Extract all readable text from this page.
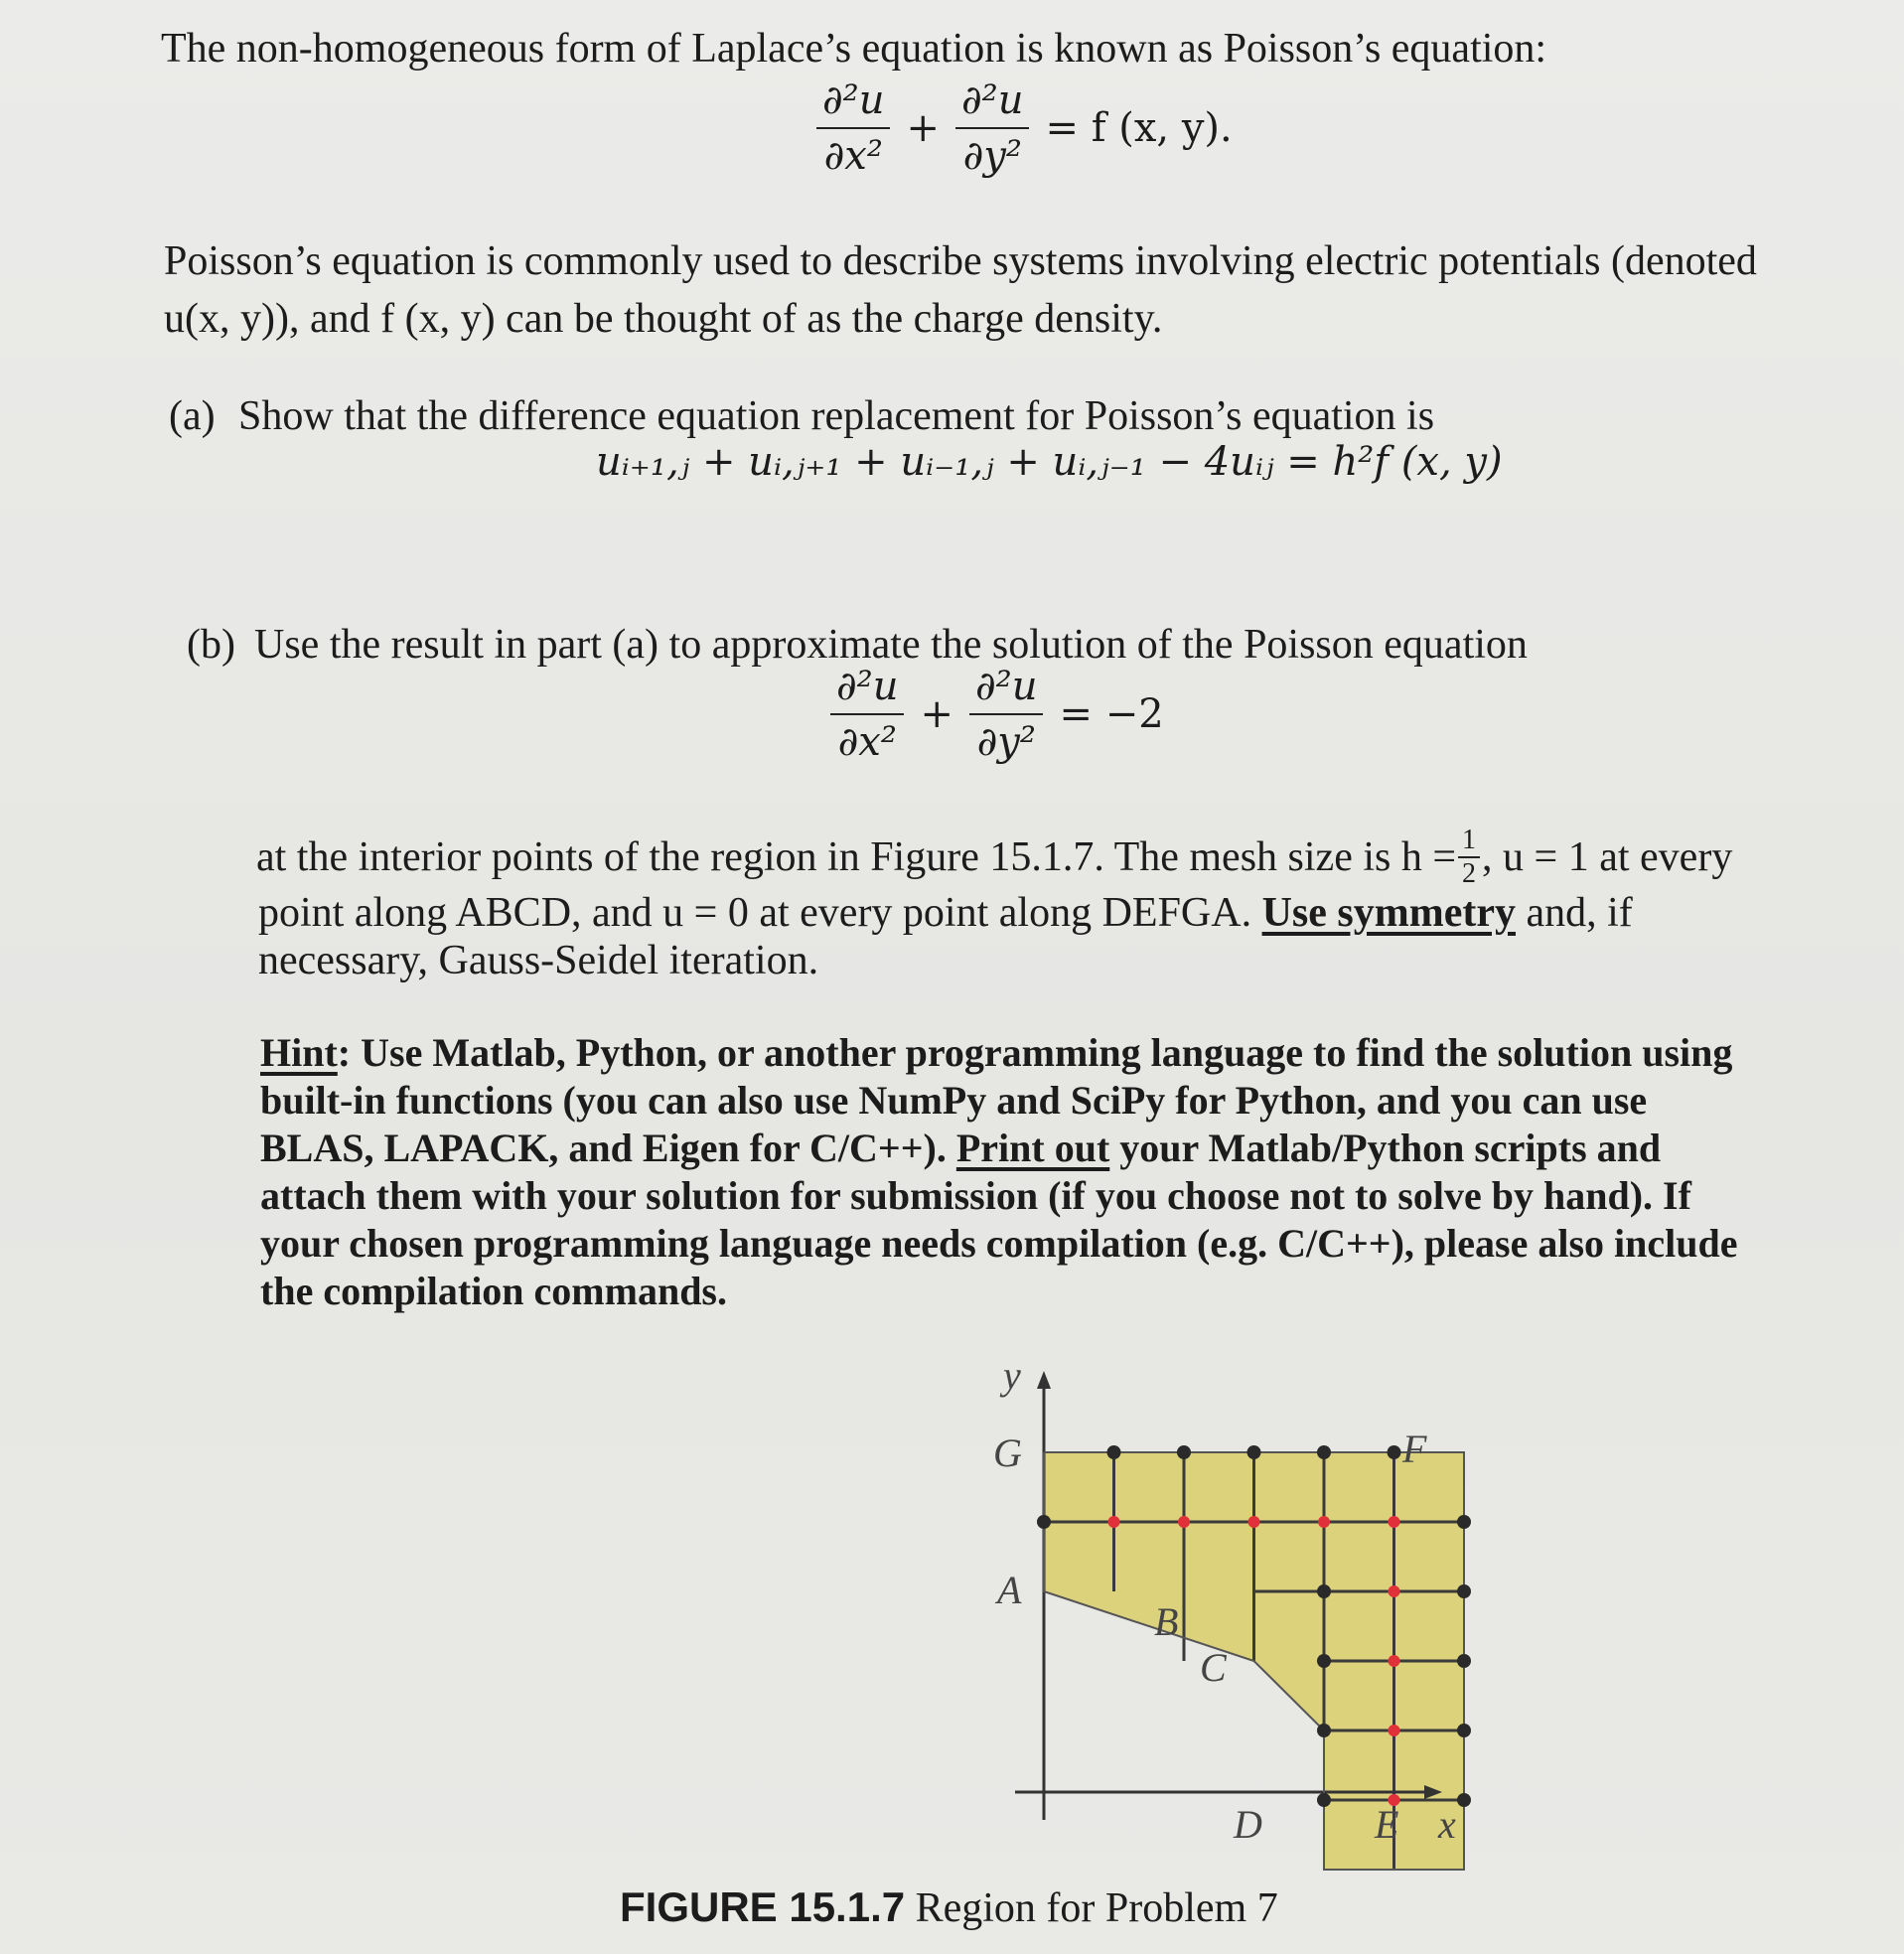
The non-homogeneous form of Laplace’s equation is known as Poisson’s equation:
$\frac{\text{∂²u}}{\text{∂x²}} + \frac{\text{∂²u}}{\text{∂y²}} = f$ (x, y).
Poisson’s equation is commonly used to describe systems involving electric potentials (denoted
u(x, y)), and f (x, y) can be thought of as the charge density.
(a) Show that the difference equation replacement for Poisson’s equation is
uᵢ₊₁,ⱼ + uᵢ,ⱼ₊₁ + uᵢ₋₁,ⱼ + uᵢ,ⱼ₋₁ − 4uᵢⱼ = h²f (x, y)
(b) Use the result in part (a) to approximate the solution of the Poisson equation
$\frac{\text{∂²u}}{\text{∂x²}} + \frac{\text{∂²u}}{\text{∂y²}} = -2$
at the interior points of the region in Figure 15.1.7. The mesh size is $h = \frac{1}{2}$ , u = 1 at every
point along ABCD, and u = 0 at every point along DEFGA. Use symmetry and, if
necessary, Gauss-Seidel iteration.
Hint: Use Matlab, Python, or another programming language to find the solution using
built-in functions (you can also use NumPy and SciPy for Python, and you can use
BLAS, LAPACK, and Eigen for C/C++). Print out your Matlab/Python scripts and
attach them with your solution for submission (if you choose not to solve by hand). If
your chosen programming language needs compilation (e.g. C/C++), please also include
the compilation commands.
y
G	F
A
B
C
D	E x
FIGURE 15.1.7 Region for Problem 7
